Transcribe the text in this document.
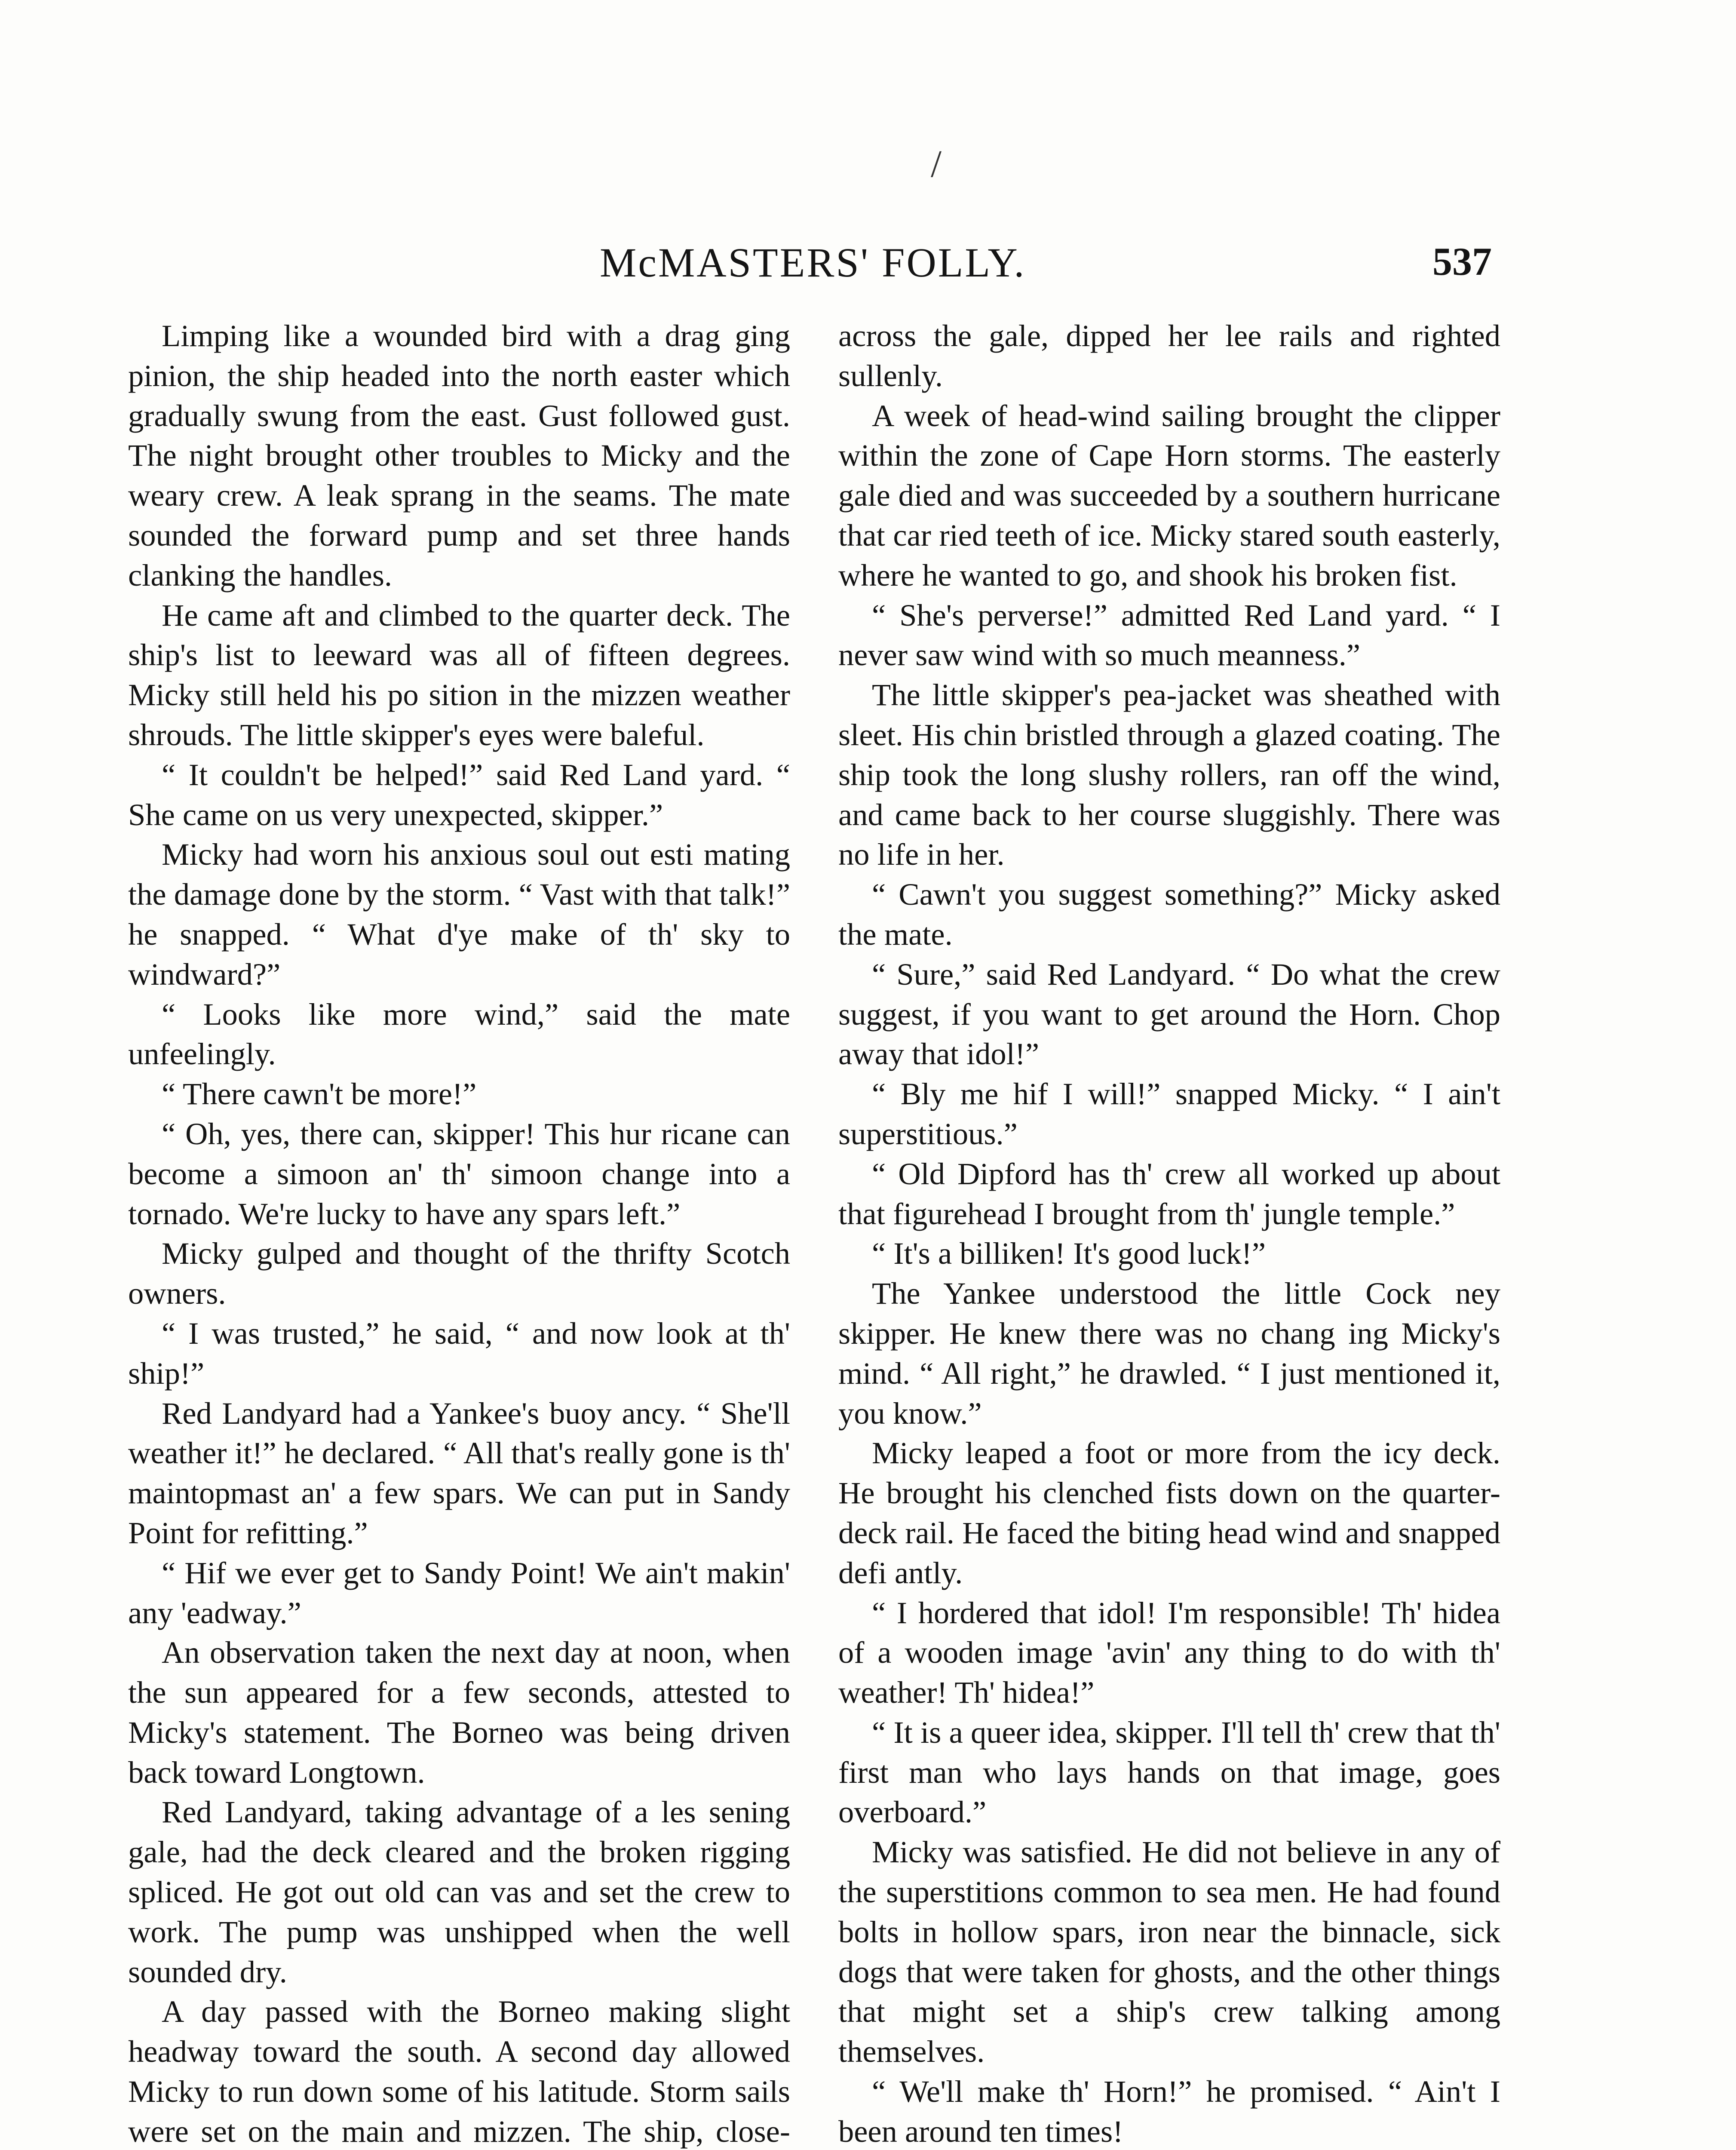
/
McMASTERS' FOLLY.	537

Limping like a wounded bird with a drag ging pinion, the ship headed into the north easter which gradually swung from the east. Gust followed gust. The night brought other troubles to Micky and the weary crew. A leak sprang in the seams. The mate sounded the forward pump and set three hands clanking the handles.

He came aft and climbed to the quarter deck. The ship's list to leeward was all of fifteen degrees. Micky still held his po sition in the mizzen weather shrouds. The little skipper's eyes were baleful.

“ It couldn't be helped!” said Red Land yard. “ She came on us very unexpected, skipper.”

Micky had worn his anxious soul out esti mating the damage done by the storm. “ Vast with that talk!” he snapped. “ What d'ye make of th' sky to windward?”

“ Looks like more wind,” said the mate unfeelingly.

“ There cawn't be more!”

“ Oh, yes, there can, skipper! This hur ricane can become a simoon an' th' simoon change into a tornado. We're lucky to have any spars left.”

Micky gulped and thought of the thrifty Scotch owners.

“ I was trusted,” he said, “ and now look at th' ship!”

Red Landyard had a Yankee's buoy ancy. “ She'll weather it!” he declared. “ All that's really gone is th' maintopmast an' a few spars. We can put in Sandy Point for refitting.”

“ Hif we ever get to Sandy Point! We ain't makin' any 'eadway.”

An observation taken the next day at noon, when the sun appeared for a few seconds, attested to Micky's statement. The Borneo was being driven back toward Longtown.

Red Landyard, taking advantage of a les sening gale, had the deck cleared and the broken rigging spliced. He got out old can vas and set the crew to work. The pump was unshipped when the well sounded dry.

A day passed with the Borneo making slight headway toward the south. A second day allowed Micky to run down some of his latitude. Storm sails were set on the main and mizzen. The ship, close-

across the gale, dipped her lee rails and righted sullenly.

A week of head-wind sailing brought the clipper within the zone of Cape Horn storms. The easterly gale died and was succeeded by a southern hurricane that car ried teeth of ice. Micky stared south easterly, where he wanted to go, and shook his broken fist.

“ She's perverse!” admitted Red Land yard. “ I never saw wind with so much meanness.”

The little skipper's pea-jacket was sheathed with sleet. His chin bristled through a glazed coating. The ship took the long slushy rollers, ran off the wind, and came back to her course sluggishly. There was no life in her.

“ Cawn't you suggest something?” Micky asked the mate.

“ Sure,” said Red Landyard. “ Do what the crew suggest, if you want to get around the Horn. Chop away that idol!”

“ Bly me hif I will!” snapped Micky. “ I ain't superstitious.”

“ Old Dipford has th' crew all worked up about that figurehead I brought from th' jungle temple.”

“ It's a billiken! It's good luck!”

The Yankee understood the little Cock ney skipper. He knew there was no chang ing Micky's mind. “ All right,” he drawled. “ I just mentioned it, you know.”

Micky leaped a foot or more from the icy deck. He brought his clenched fists down on the quarter-deck rail. He faced the biting head wind and snapped defi antly.

“ I hordered that idol! I'm responsible! Th' hidea of a wooden image 'avin' any thing to do with th' weather! Th' hidea!”

“ It is a queer idea, skipper. I'll tell th' crew that th' first man who lays hands on that image, goes overboard.”

Micky was satisfied. He did not believe in any of the superstitions common to sea men. He had found bolts in hollow spars, iron near the binnacle, sick dogs that were taken for ghosts, and the other things that might set a ship's crew talking among themselves.

“ We'll make th' Horn!” he promised. “ Ain't I been around ten times!
